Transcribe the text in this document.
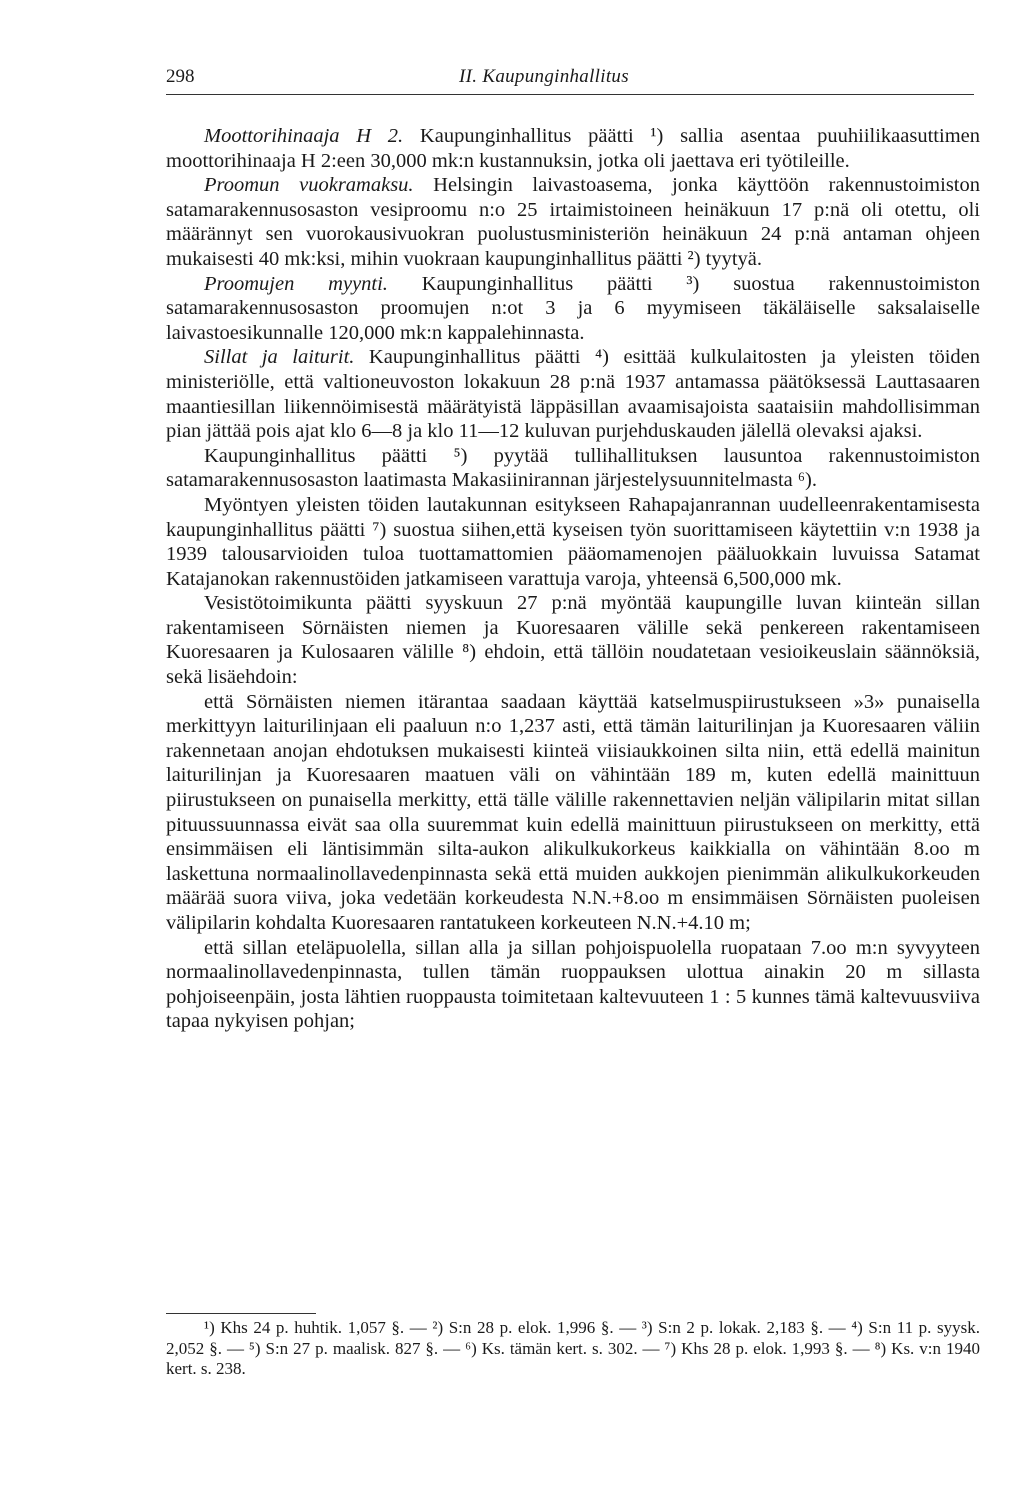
298	II. Kaupunginhallitus

Moottorihinaaja H 2. Kaupunginhallitus päätti ¹) sallia asentaa puuhiilikaasuttimen moottorihinaaja H 2:een 30,000 mk:n kustannuksin, jotka oli jaettava eri työtileille.

Proomun vuokramaksu. Helsingin laivastoasema, jonka käyttöön rakennustoimiston satamarakennusosaston vesiproomu n:o 25 irtaimistoineen heinäkuun 17 p:nä oli otettu, oli määrännyt sen vuorokausivuokran puolustusministeriön heinäkuun 24 p:nä antaman ohjeen mukaisesti 40 mk:ksi, mihin vuokraan kaupunginhallitus päätti ²) tyytyä.

Proomujen myynti. Kaupunginhallitus päätti ³) suostua rakennustoimiston satamarakennusosaston proomujen n:ot 3 ja 6 myymiseen täkäläiselle saksalaiselle laivastoesikunnalle 120,000 mk:n kappalehinnasta.

Sillat ja laiturit. Kaupunginhallitus päätti ⁴) esittää kulkulaitosten ja yleisten töiden ministeriölle, että valtioneuvoston lokakuun 28 p:nä 1937 antamassa päätöksessä Lauttasaaren maantiesillan liikennöimisestä määrätyistä läppäsillan avaamisajoista saataisiin mahdollisimman pian jättää pois ajat klo 6—8 ja klo 11—12 kuluvan purjehduskauden jälellä olevaksi ajaksi.

Kaupunginhallitus päätti ⁵) pyytää tullihallituksen lausuntoa rakennustoimiston satamarakennusosaston laatimasta Makasiinirannan järjestelysuunnitelmasta ⁶).

Myöntyen yleisten töiden lautakunnan esitykseen Rahapajanrannan uudelleenrakentamisesta kaupunginhallitus päätti ⁷) suostua siihen,että kyseisen työn suorittamiseen käytettiin v:n 1938 ja 1939 talousarvioiden tuloa tuottamattomien pääomamenojen pääluokkain luvuissa Satamat Katajanokan rakennustöiden jatkamiseen varattuja varoja, yhteensä 6,500,000 mk.

Vesistötoimikunta päätti syyskuun 27 p:nä myöntää kaupungille luvan kiinteän sillan rakentamiseen Sörnäisten niemen ja Kuoresaaren välille sekä penkereen rakentamiseen Kuoresaaren ja Kulosaaren välille ⁸) ehdoin, että tällöin noudatetaan vesioikeuslain säännöksiä, sekä lisäehdoin:

että Sörnäisten niemen itärantaa saadaan käyttää katselmuspiirustukseen »3» punaisella merkittyyn laiturilinjaan eli paaluun n:o 1,237 asti, että tämän laiturilinjan ja Kuoresaaren väliin rakennetaan anojan ehdotuksen mukaisesti kiinteä viisiaukkoinen silta niin, että edellä mainitun laiturilinjan ja Kuoresaaren maatuen väli on vähintään 189 m, kuten edellä mainittuun piirustukseen on punaisella merkitty, että tälle välille rakennettavien neljän välipilarin mitat sillan pituussuunnassa eivät saa olla suuremmat kuin edellä mainittuun piirustukseen on merkitty, että ensimmäisen eli läntisimmän silta-aukon alikulkukorkeus kaikkialla on vähintään 8.oo m laskettuna normaalinollavedenpinnasta sekä että muiden aukkojen pienimmän alikulkukorkeuden määrää suora viiva, joka vedetään korkeudesta N.N.+8.oo m ensimmäisen Sörnäisten puoleisen välipilarin kohdalta Kuoresaaren rantatukeen korkeuteen N.N.+4.10 m;

että sillan eteläpuolella, sillan alla ja sillan pohjoispuolella ruopataan 7.oo m:n syvyyteen normaalinollavedenpinnasta, tullen tämän ruoppauksen ulottua ainakin 20 m sillasta pohjoiseenpäin, josta lähtien ruoppausta toimitetaan kaltevuuteen 1 : 5 kunnes tämä kaltevuusviiva tapaa nykyisen pohjan;

¹) Khs 24 p. huhtik. 1,057 §. — ²) S:n 28 p. elok. 1,996 §. — ³) S:n 2 p. lokak. 2,183 §. — ⁴) S:n 11 p. syysk. 2,052 §. — ⁵) S:n 27 p. maalisk. 827 §. — ⁶) Ks. tämän kert. s. 302. — ⁷) Khs 28 p. elok. 1,993 §. — ⁸) Ks. v:n 1940 kert. s. 238.
